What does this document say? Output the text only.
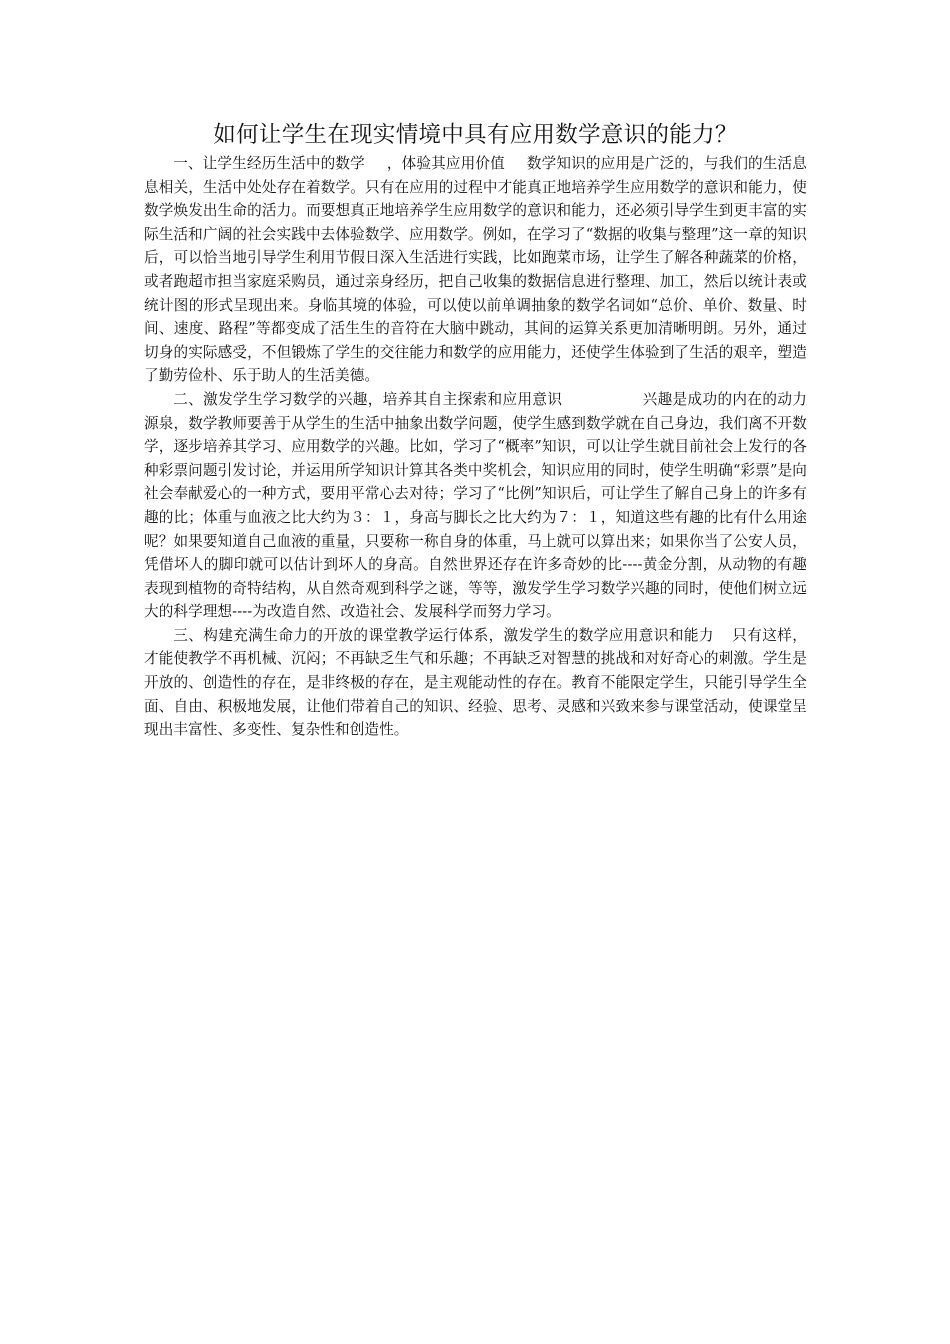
如何让学生在现实情境中具有应用数学意识的能力？

一、让学生经历生活中的数学 ，体验其应用价值 数学知识的应用是广泛的，与我们的生活息息相关，生活中处处存在着数学。只有在应用的过程中才能真正地培养学生应用数学的意识和能力，使数学焕发出生命的活力。而要想真正地培养学生应用数学的意识和能力，还必须引导学生到更丰富的实际生活和广阔的社会实践中去体验数学、应用数学。例如，在学习了“数据的收集与整理”这一章的知识后，可以恰当地引导学生利用节假日深入生活进行实践，比如跑菜市场，让学生了解各种蔬菜的价格，或者跑超市担当家庭采购员，通过亲身经历，把自己收集的数据信息进行整理、加工，然后以统计表或统计图的形式呈现出来。身临其境的体验，可以使以前单调抽象的数学名词如“总价、单价、数量、时间、速度、路程”等都变成了活生生的音符在大脑中跳动，其间的运算关系更加清晰明朗。另外，通过切身的实际感受，不但锻炼了学生的交往能力和数学的应用能力，还使学生体验到了生活的艰辛，塑造了勤劳俭朴、乐于助人的生活美德。

二、激发学生学习数学的兴趣，培养其自主探索和应用意识	兴趣是成功的内在的动力源泉，数学教师要善于从学生的生活中抽象出数学问题，使学生感到数学就在自己身边，我们离不开数学，逐步培养其学习、应用数学的兴趣。比如，学习了“概率”知识，可以让学生就目前社会上发行的各种彩票问题引发讨论，并运用所学知识计算其各类中奖机会，知识应用的同时，使学生明确“彩票”是向社会奉献爱心的一种方式，要用平常心去对待；学习了“比例”知识后，可让学生了解自己身上的许多有趣的比；体重与血液之比大约为３：１，身高与脚长之比大约为７：１，知道这些有趣的比有什么用途呢？如果要知道自己血液的重量，只要称一称自身的体重，马上就可以算出来；如果你当了公安人员，凭借坏人的脚印就可以估计到坏人的身高。自然世界还存在许多奇妙的比----黄金分割，从动物的有趣表现到植物的奇特结构，从自然奇观到科学之谜，等等，激发学生学习数学兴趣的同时，使他们树立远大的科学理想----为改造自然、改造社会、发展科学而努力学习。

三、构建充满生命力的开放的课堂教学运行体系，激发学生的数学应用意识和能力 只有这样，才能使教学不再机械、沉闷；不再缺乏生气和乐趣；不再缺乏对智慧的挑战和对好奇心的刺激。学生是开放的、创造性的存在，是非终极的存在，是主观能动性的存在。教育不能限定学生，只能引导学生全面、自由、积极地发展，让他们带着自己的知识、经验、思考、灵感和兴致来参与课堂活动，使课堂呈现出丰富性、多变性、复杂性和创造性。
